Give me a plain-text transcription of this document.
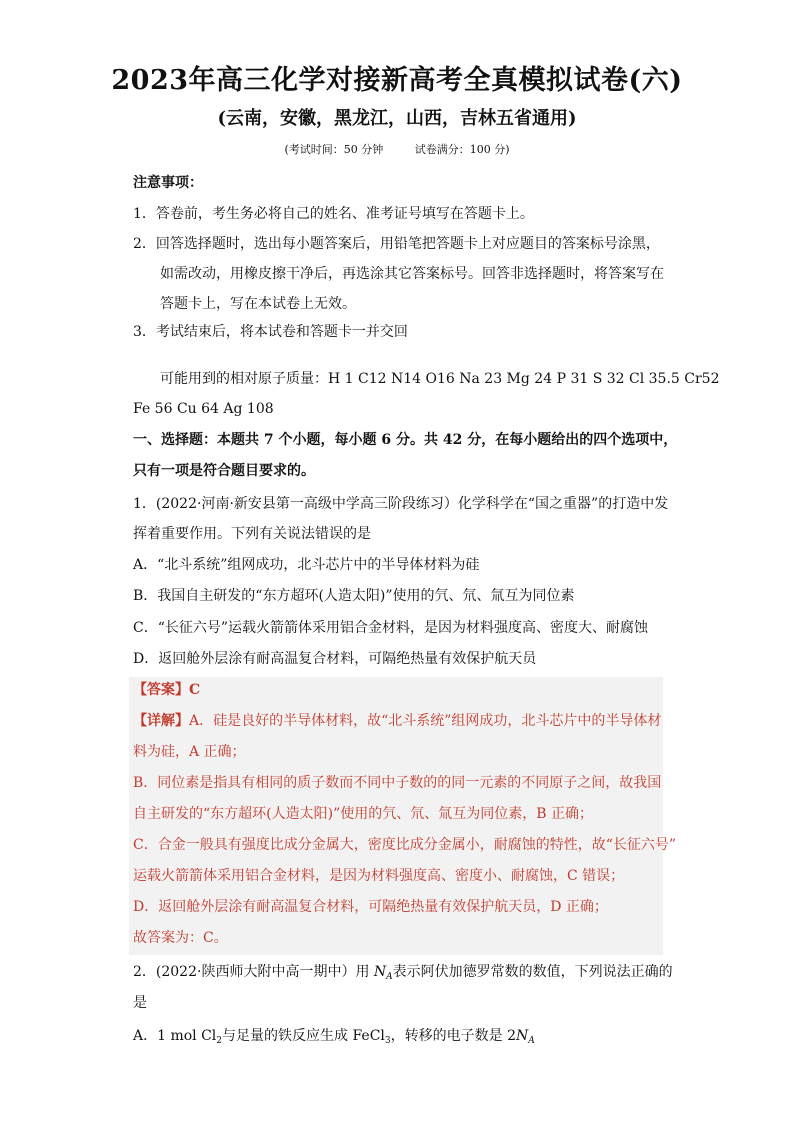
2023年高三化学对接新高考全真模拟试卷(六)
(云南，安徽，黑龙江，山西，吉林五省通用)
(考试时间：50 分钟	试卷满分：100 分)
注意事项：
1．答卷前，考生务必将自己的姓名、准考证号填写在答题卡上。
2．回答选择题时，选出每小题答案后，用铅笔把答题卡上对应题目的答案标号涂黑，
如需改动，用橡皮擦干净后，再选涂其它答案标号。回答非选择题时，将答案写在
答题卡上，写在本试卷上无效。
3．考试结束后，将本试卷和答题卡一并交回
可能用到的相对原子质量：H 1 C12 N14 O16 Na 23 Mg 24 P 31 S 32 Cl 35.5 Cr52
Fe 56 Cu 64 Ag 108
一、选择题：本题共 7 个小题，每小题 6 分。共 42 分，在每小题给出的四个选项中，
只有一项是符合题目要求的。
1．(2022·河南·新安县第一高级中学高三阶段练习）化学科学在“国之重器”的打造中发
挥着重要作用。下列有关说法错误的是
A．“北斗系统”组网成功，北斗芯片中的半导体材料为硅
B．我国自主研发的“东方超环(人造太阳)”使用的氕、氘、氚互为同位素
C．“长征六号”运载火箭箭体采用铝合金材料，是因为材料强度高、密度大、耐腐蚀
D．返回舱外层涂有耐高温复合材料，可隔绝热量有效保护航天员
【答案】C
【详解】A．硅是良好的半导体材料，故“北斗系统”组网成功，北斗芯片中的半导体材
料为硅，A 正确；
B．同位素是指具有相同的质子数而不同中子数的的同一元素的不同原子之间，故我国
自主研发的“东方超环(人造太阳)”使用的氕、氘、氚互为同位素，B 正确；
C．合金一般具有强度比成分金属大，密度比成分金属小，耐腐蚀的特性，故“长征六号”
运载火箭箭体采用铝合金材料，是因为材料强度高、密度小、耐腐蚀，C 错误；
D．返回舱外层涂有耐高温复合材料，可隔绝热量有效保护航天员，D 正确；
故答案为：C。
2．(2022·陕西师大附中高一期中）用 $N_A$表示阿伏加德罗常数的数值，下列说法正确的
是
A．1 mol $Cl_2$与足量的铁反应生成 FeCl$_3$，转移的电子数是 $2N_A$
